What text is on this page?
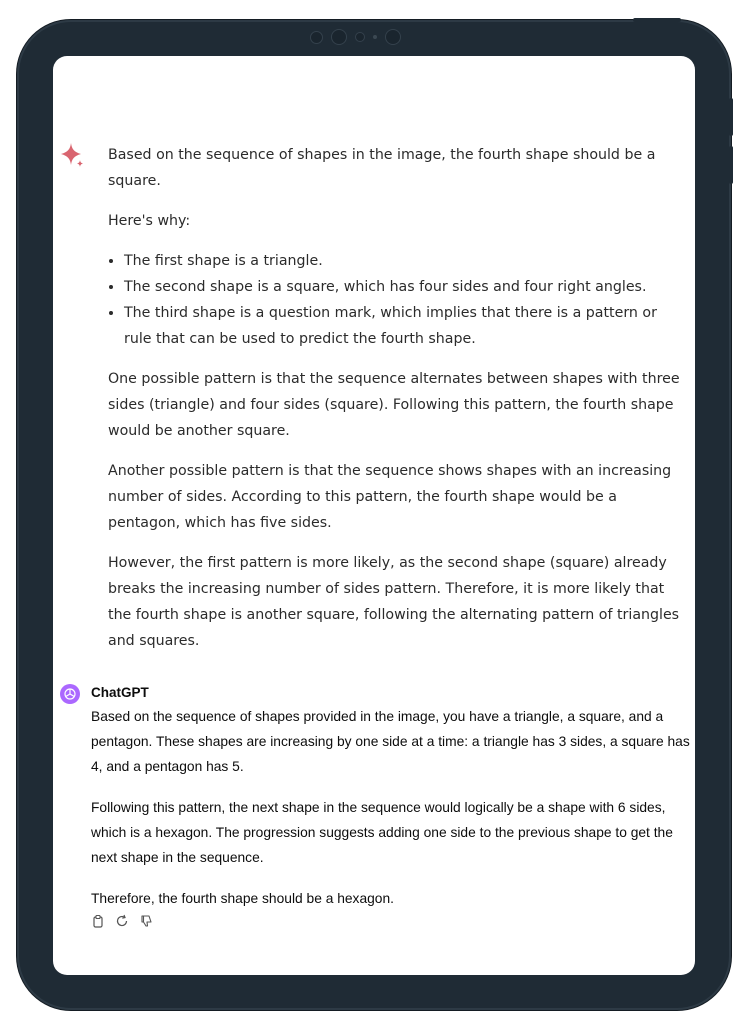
Based on the sequence of shapes in the image, the fourth shape should be a square.

Here's why:

• The first shape is a triangle.
• The second shape is a square, which has four sides and four right angles.
• The third shape is a question mark, which implies that there is a pattern or rule that can be used to predict the fourth shape.

One possible pattern is that the sequence alternates between shapes with three sides (triangle) and four sides (square). Following this pattern, the fourth shape would be another square.

Another possible pattern is that the sequence shows shapes with an increasing number of sides. According to this pattern, the fourth shape would be a pentagon, which has five sides.

However, the first pattern is more likely, as the second shape (square) already breaks the increasing number of sides pattern. Therefore, it is more likely that the fourth shape is another square, following the alternating pattern of triangles and squares.

ChatGPT

Based on the sequence of shapes provided in the image, you have a triangle, a square, and a pentagon. These shapes are increasing by one side at a time: a triangle has 3 sides, a square has 4, and a pentagon has 5.

Following this pattern, the next shape in the sequence would logically be a shape with 6 sides, which is a hexagon. The progression suggests adding one side to the previous shape to get the next shape in the sequence.

Therefore, the fourth shape should be a hexagon.
